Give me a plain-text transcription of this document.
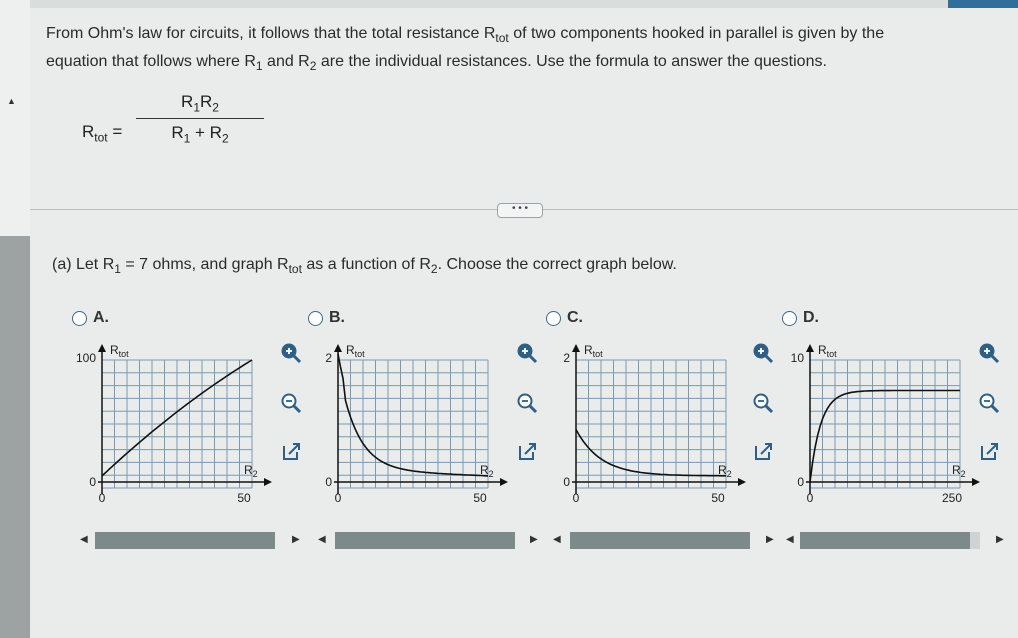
▲
From Ohm's law for circuits, it follows that the total resistance $R_{tot}$ of two components hooked in parallel is given by the
equation that follows where $R_1$ and $R_2$ are the individual resistances. Use the formula to answer the questions.
$R_{tot}$ =
$R_1R_2$
$R_1 + R_2$
• • •
(a) Let $R_1 = 7$ ohms, and graph $R_{tot}$ as a function of $R_2$. Choose the correct graph below.
A.	B.	C.	D.
100
0
0	50
$R_{tot}$
$R_2$
2
0
0	50
$R_{tot}$
$R_2$
2
0
0	50
$R_{tot}$
$R_2$
10
0
0	250
$R_{tot}$
$R_2$
◀	▶ ◀	▶ ◀	▶ ◀	▶
